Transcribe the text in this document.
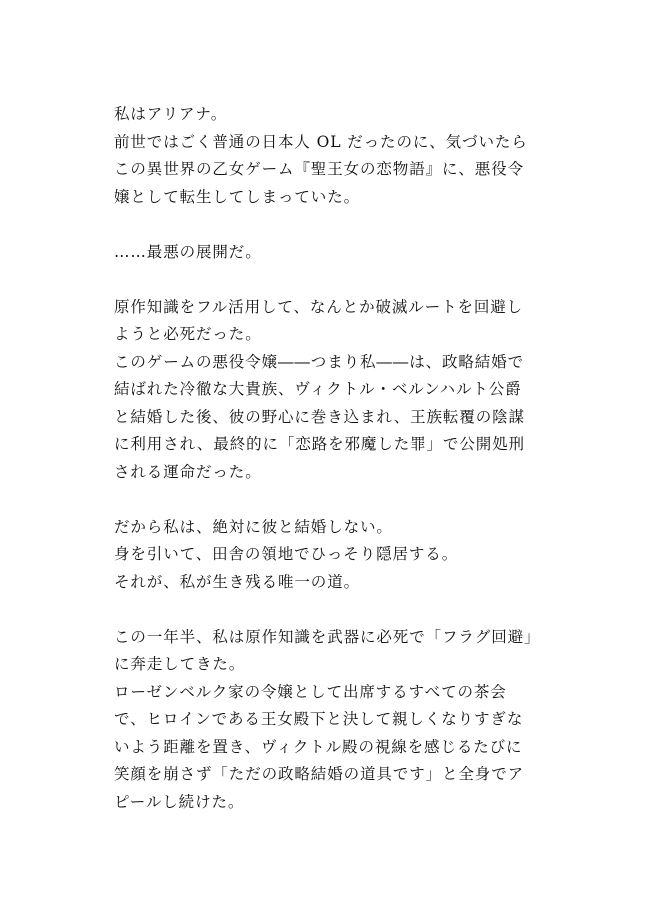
私はアリアナ。
前世ではごく普通の日本人 OL だったのに、気づいたら
この異世界の乙女ゲーム『聖王女の恋物語』に、悪役令
嬢として転生してしまっていた。
……最悪の展開だ。
原作知識をフル活用して、なんとか破滅ルートを回避し
ようと必死だった。
このゲームの悪役令嬢――つまり私――は、政略結婚で
結ばれた冷徹な大貴族、ヴィクトル・ベルンハルト公爵
と結婚した後、彼の野心に巻き込まれ、王族転覆の陰謀
に利用され、最終的に「恋路を邪魔した罪」で公開処刑
される運命だった。
だから私は、絶対に彼と結婚しない。
身を引いて、田舎の領地でひっそり隠居する。
それが、私が生き残る唯一の道。
この一年半、私は原作知識を武器に必死で「フラグ回避」
に奔走してきた。
ローゼンベルク家の令嬢として出席するすべての茶会
で、ヒロインである王女殿下と決して親しくなりすぎな
いよう距離を置き、ヴィクトル殿の視線を感じるたびに
笑顔を崩さず「ただの政略結婚の道具です」と全身でア
ピールし続けた。
